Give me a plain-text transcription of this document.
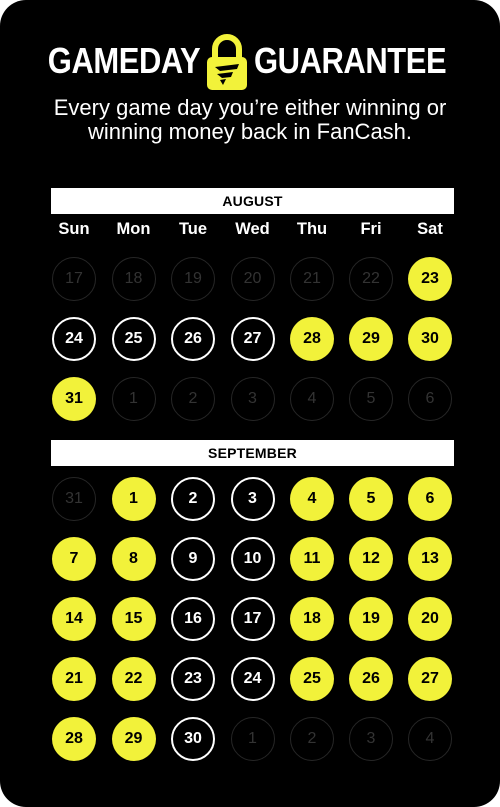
GAMEDAY GUARANTEE
Every game day you’re either winning or winning money back in FanCash.
AUGUST
SEPTEMBER
Sun	Mon	Tue	Wed	Thu	Fri	Sat
17	18	19	20	21	22	23
24	25	26	27	28	29	30
31	1	2	3	4	5	6
31	1	2	3	4	5	6
7	8	9	10	11	12	13
14	15	16	17	18	19	20
21	22	23	24	25	26	27
28	29	30	1	2	3	4
